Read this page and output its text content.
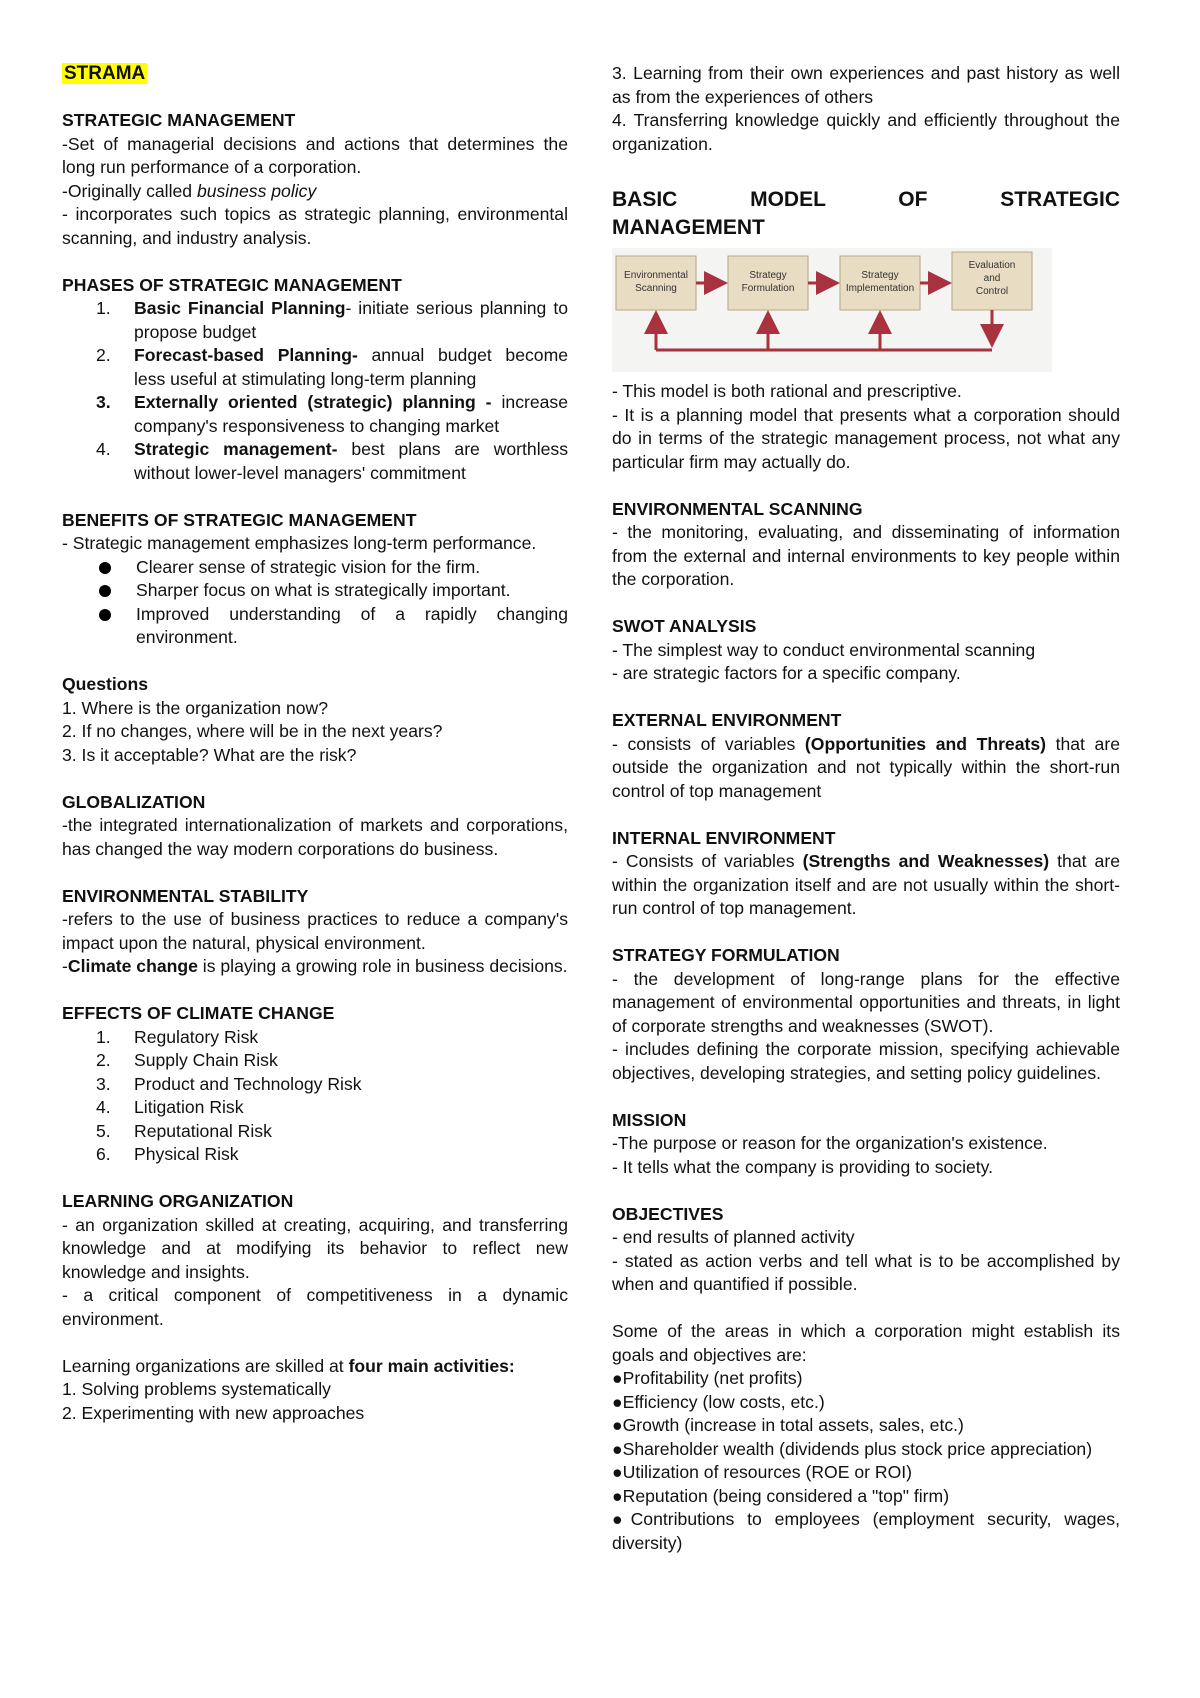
STRAMA

STRATEGIC MANAGEMENT

-Set of managerial decisions and actions that determines the long run performance of a corporation.

-Originally called business policy

- incorporates such topics as strategic planning, environmental scanning, and industry analysis.

PHASES OF STRATEGIC MANAGEMENT

1. Basic Financial Planning- initiate serious planning to propose budget
2. Forecast-based Planning- annual budget become less useful at stimulating long-term planning
3. Externally oriented (strategic) planning - increase company's responsiveness to changing market
4. Strategic management- best plans are worthless without lower-level managers' commitment

BENEFITS OF STRATEGIC MANAGEMENT

- Strategic management emphasizes long-term performance.

Clearer sense of strategic vision for the firm.
Sharper focus on what is strategically important.
Improved understanding of a rapidly changing environment.

Questions

1. Where is the organization now?

2. If no changes, where will be in the next years?

3. Is it acceptable? What are the risk?

GLOBALIZATION

-the integrated internationalization of markets and corporations, has changed the way modern corporations do business.

ENVIRONMENTAL STABILITY

-refers to the use of business practices to reduce a company's impact upon the natural, physical environment.

-Climate change is playing a growing role in business decisions.

EFFECTS OF CLIMATE CHANGE

1. Regulatory Risk
2. Supply Chain Risk
3. Product and Technology Risk
4. Litigation Risk
5. Reputational Risk
6. Physical Risk

LEARNING ORGANIZATION

- an organization skilled at creating, acquiring, and transferring knowledge and at modifying its behavior to reflect new knowledge and insights.

- a critical component of competitiveness in a dynamic environment.

Learning organizations are skilled at four main activities:

1. Solving problems systematically

2. Experimenting with new approaches

3. Learning from their own experiences and past history as well as from the experiences of others

4. Transferring knowledge quickly and efficiently throughout the organization.

BASIC MODEL OF STRATEGIC

MANAGEMENT

Environmental
Scanning
Strategy
Formulation
Strategy
Implementation
Evaluation
and
Control

- This model is both rational and prescriptive.

- It is a planning model that presents what a corporation should do in terms of the strategic management process, not what any particular firm may actually do.

ENVIRONMENTAL SCANNING

- the monitoring, evaluating, and disseminating of information from the external and internal environments to key people within the corporation.

SWOT ANALYSIS

- The simplest way to conduct environmental scanning

- are strategic factors for a specific company.

EXTERNAL ENVIRONMENT

- consists of variables (Opportunities and Threats) that are outside the organization and not typically within the short-run control of top management

INTERNAL ENVIRONMENT

- Consists of variables (Strengths and Weaknesses) that are within the organization itself and are not usually within the short-run control of top management.

STRATEGY FORMULATION

- the development of long-range plans for the effective management of environmental opportunities and threats, in light of corporate strengths and weaknesses (SWOT).

- includes defining the corporate mission, specifying achievable objectives, developing strategies, and setting policy guidelines.

MISSION

-The purpose or reason for the organization's existence.

- It tells what the company is providing to society.

OBJECTIVES

- end results of planned activity

- stated as action verbs and tell what is to be accomplished by when and quantified if possible.

Some of the areas in which a corporation might establish its goals and objectives are:

●Profitability (net profits)

●Efficiency (low costs, etc.)

●Growth (increase in total assets, sales, etc.)

●Shareholder wealth (dividends plus stock price appreciation)

●Utilization of resources (ROE or ROI)

●Reputation (being considered a "top" firm)

●Contributions to employees (employment security, wages, diversity)
